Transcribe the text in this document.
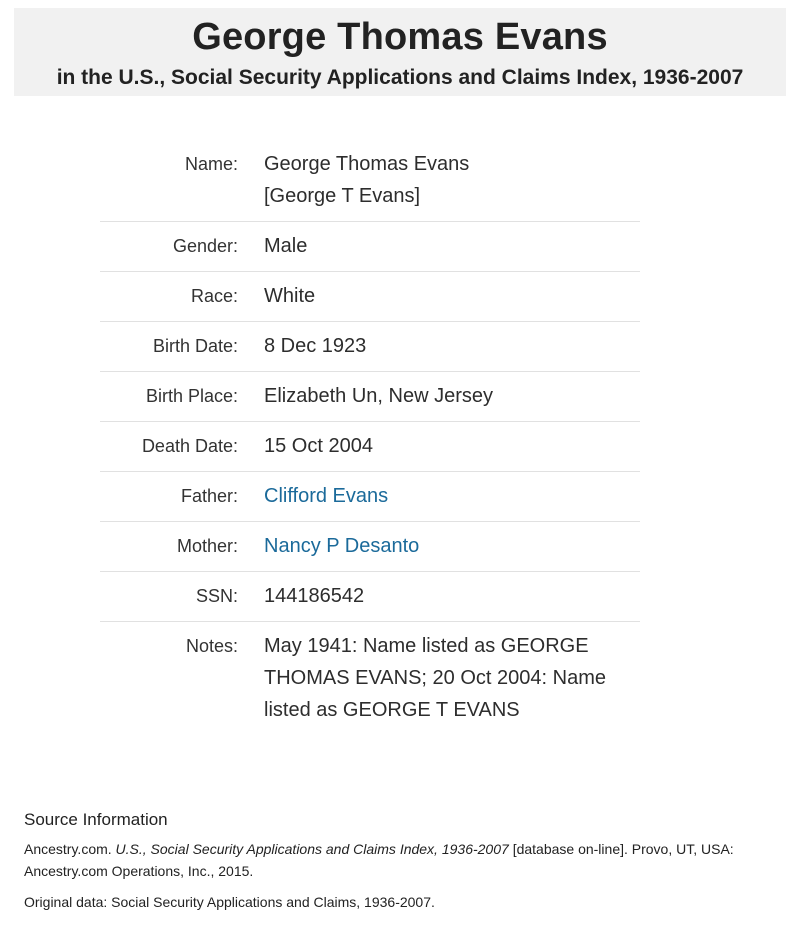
George Thomas Evans
in the U.S., Social Security Applications and Claims Index, 1936-2007
Name: George Thomas Evans
[George T Evans]
Gender: Male
Race: White
Birth Date: 8 Dec 1923
Birth Place: Elizabeth Un, New Jersey
Death Date: 15 Oct 2004
Father: Clifford Evans
Mother: Nancy P Desanto
SSN: 144186542
Notes: May 1941: Name listed as GEORGE THOMAS EVANS; 20 Oct 2004: Name listed as GEORGE T EVANS
Source Information
Ancestry.com. U.S., Social Security Applications and Claims Index, 1936-2007 [database on-line]. Provo, UT, USA: Ancestry.com Operations, Inc., 2015.
Original data: Social Security Applications and Claims, 1936-2007.
